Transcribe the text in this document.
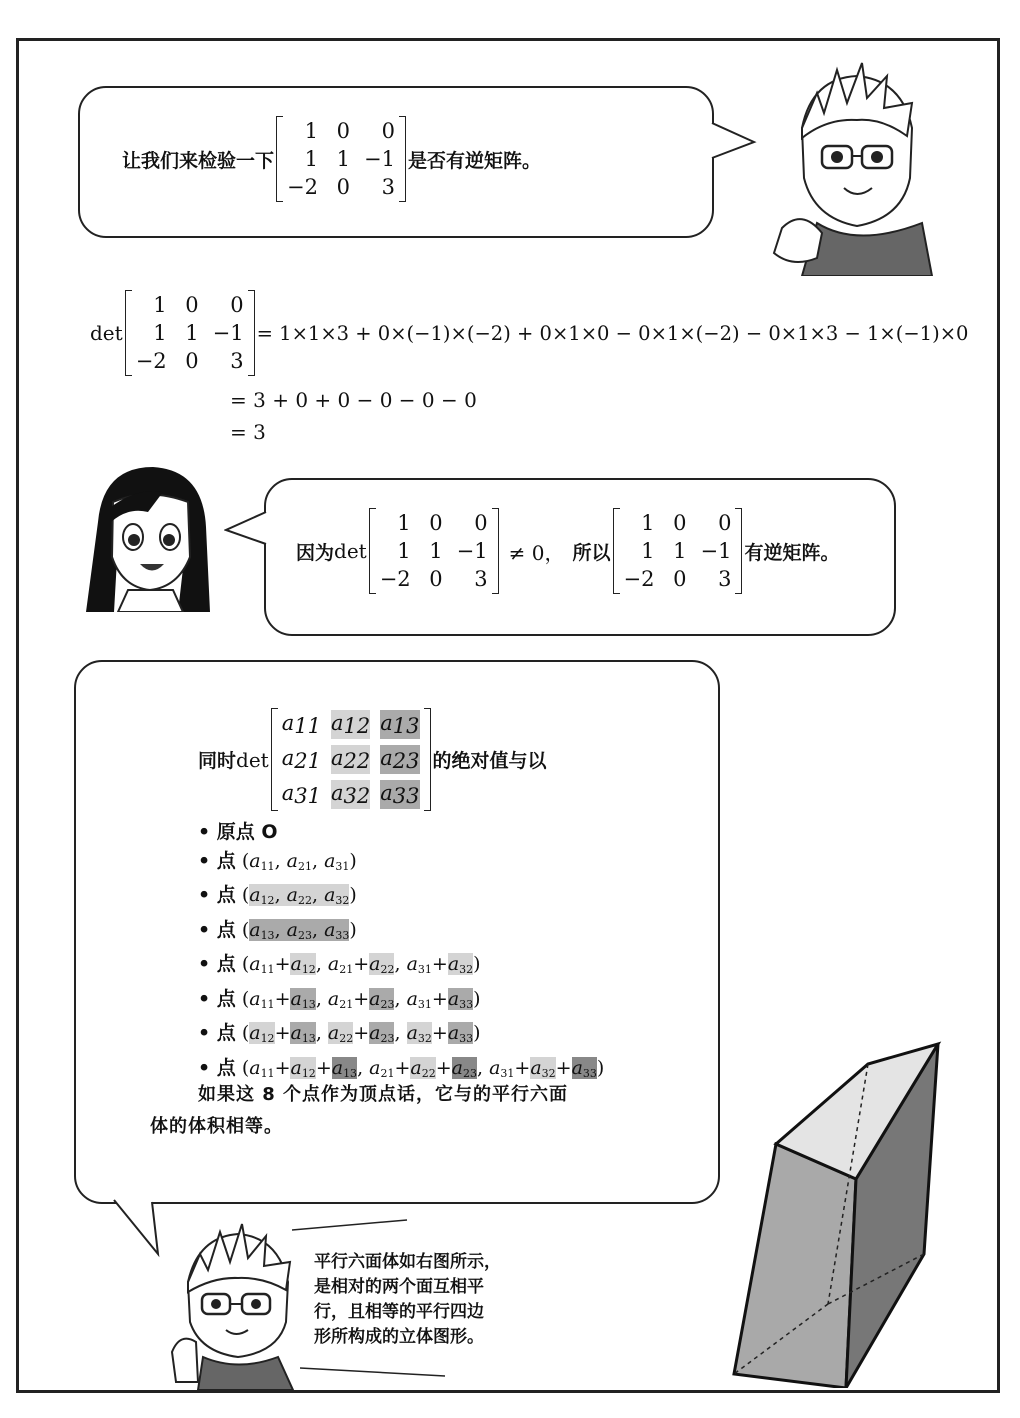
让我们来检验一下
1 0	0
1 1 −1
−2 0	3
是否有逆矩阵。
det
1 0	0
1 1 −1
−2 0	3
= 1×1×3 + 0×(−1)×(−2) + 0×1×0 − 0×1×(−2) − 0×1×3 − 1×(−1)×0
= 3 + 0 + 0 − 0 − 0 − 0
= 3
因为 det
1 0	0
1 1 −1
−2 0	3
≠ 0， 所以
1 0	0
1 1 −1
−2 0	3
有逆矩阵。
同时 det
a11 a12 a13
a21 a22 a23
a31 a32 a33
的绝对值与以
• 原点 O
• 点 ($a_{11}$, $a_{21}$, $a_{31}$)
• 点 ($a_{12}$, $a_{22}$, $a_{32}$)
• 点 ($a_{13}$, $a_{23}$, $a_{33}$)
• 点 ($a_{11}+a_{12}$, $a_{21}+a_{22}$, $a_{31}+a_{32}$)
• 点 ($a_{11}+a_{13}$, $a_{21}+a_{23}$, $a_{31}+a_{33}$)
• 点 ($a_{12}+a_{13}$, $a_{22}+a_{23}$, $a_{32}+a_{33}$)
• 点 ($a_{11}+a_{12}+a_{13}$, $a_{21}+a_{22}+a_{23}$, $a_{31}+a_{32}+a_{33}$)
如果这 8 个点作为顶点话，它与的平行六面
体的体积相等。
平行六面体如右图所示，
是相对的两个面互相平
行，且相等的平行四边
形所构成的立体图形。
